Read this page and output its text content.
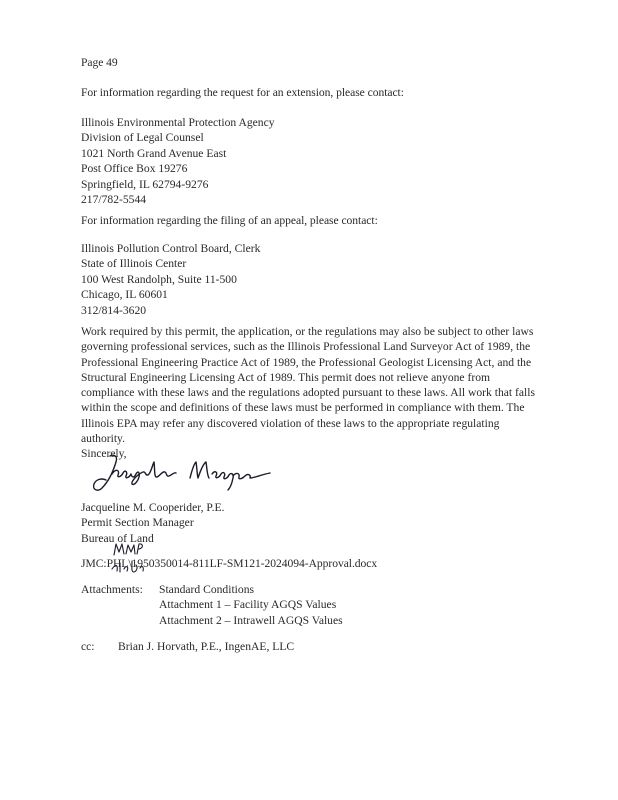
Page 49
For information regarding the request for an extension, please contact:
Illinois Environmental Protection Agency
Division of Legal Counsel
1021 North Grand Avenue East
Post Office Box 19276
Springfield, IL 62794-9276
217/782-5544
For information regarding the filing of an appeal, please contact:
Illinois Pollution Control Board, Clerk
State of Illinois Center
100 West Randolph, Suite 11-500
Chicago, IL 60601
312/814-3620
Work required by this permit, the application, or the regulations may also be subject to other laws governing professional services, such as the Illinois Professional Land Surveyor Act of 1989, the Professional Engineering Practice Act of 1989, the Professional Geologist Licensing Act, and the Structural Engineering Licensing Act of 1989. This permit does not relieve anyone from compliance with these laws and the regulations adopted pursuant to these laws. All work that falls within the scope and definitions of these laws must be performed in compliance with them. The Illinois EPA may refer any discovered violation of these laws to the appropriate regulating authority.
Sincerely,
Jacqueline M. Cooperider, P.E.
Permit Section Manager
Bureau of Land
JMC:PHL\1950350014-811LF-SM121-2024094-Approval.docx
Attachments: Standard Conditions
Attachment 1 – Facility AGQS Values
Attachment 2 – Intrawell AGQS Values
cc: Brian J. Horvath, P.E., IngenAE, LLC
